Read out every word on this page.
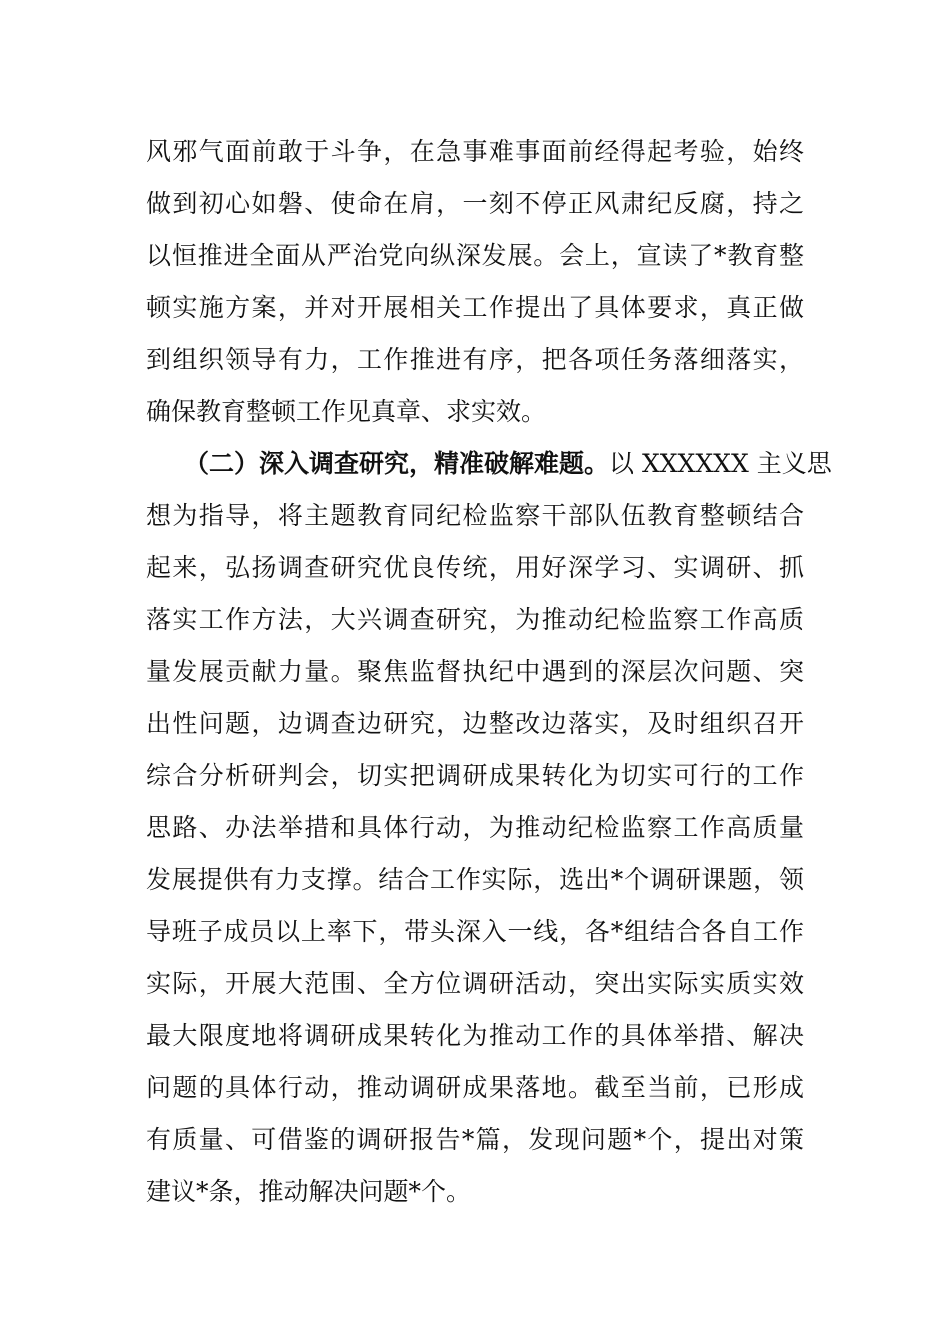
风邪气面前敢于斗争，在急事难事面前经得起考验，始终
做到初心如磐、使命在肩，一刻不停正风肃纪反腐，持之
以恒推进全面从严治党向纵深发展。会上，宣读了*教育整
顿实施方案，并对开展相关工作提出了具体要求，真正做
到组织领导有力，工作推进有序，把各项任务落细落实，
确保教育整顿工作见真章、求实效。
（二）深入调查研究，精准破解难题。以 XXXXXX 主义思
想为指导，将主题教育同纪检监察干部队伍教育整顿结合
起来，弘扬调查研究优良传统，用好深学习、实调研、抓
落实工作方法，大兴调查研究，为推动纪检监察工作高质
量发展贡献力量。聚焦监督执纪中遇到的深层次问题、突
出性问题，边调查边研究，边整改边落实，及时组织召开
综合分析研判会，切实把调研成果转化为切实可行的工作
思路、办法举措和具体行动，为推动纪检监察工作高质量
发展提供有力支撑。结合工作实际，选出*个调研课题，领
导班子成员以上率下，带头深入一线，各*组结合各自工作
实际，开展大范围、全方位调研活动，突出实际实质实效
最大限度地将调研成果转化为推动工作的具体举措、解决
问题的具体行动，推动调研成果落地。截至当前，已形成
有质量、可借鉴的调研报告*篇，发现问题*个，提出对策
建议*条，推动解决问题*个。
